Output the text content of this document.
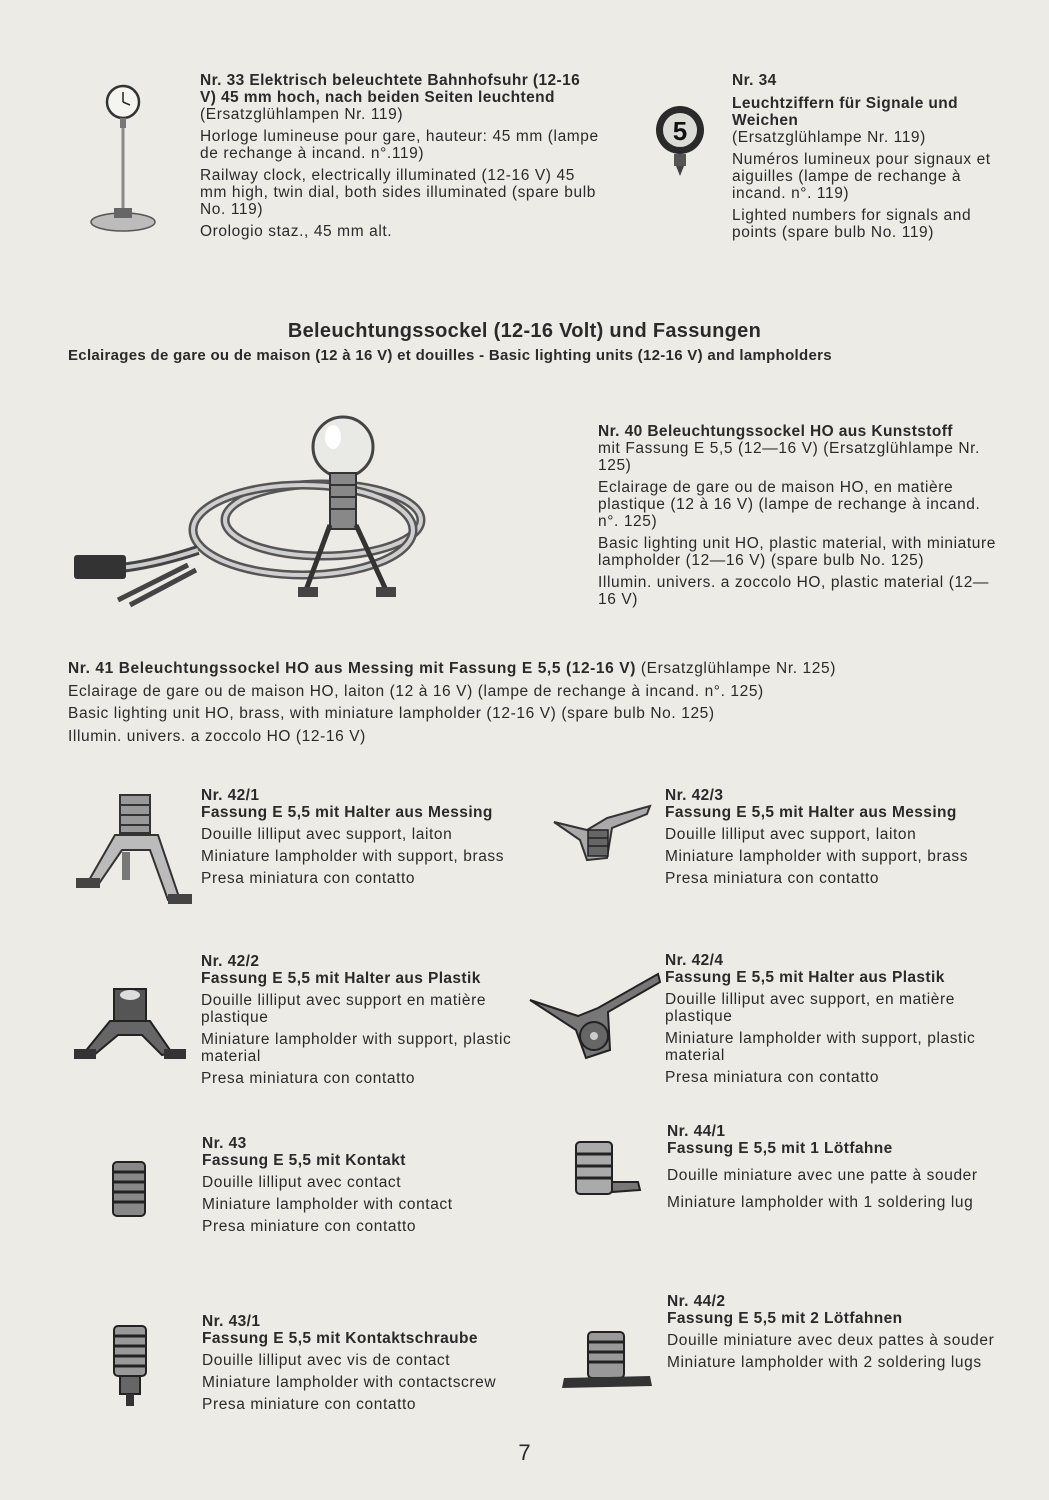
Nr. 33 Elektrisch beleuchtete Bahnhofsuhr (12-16 V) 45 mm hoch, nach beiden Seiten leuchtend
(Ersatzglühlampen Nr. 119)
Horloge lumineuse pour gare, hauteur: 45 mm (lampe de rechange à incand. n°.119)
Railway clock, electrically illuminated (12-16 V) 45 mm high, twin dial, both sides illuminated (spare bulb No. 119)
Orologio staz., 45 mm alt.
5
Nr. 34
Leuchtziffern für Signale und Weichen
(Ersatzglühlampe Nr. 119)
Numéros lumineux pour signaux et aiguilles (lampe de rechange à incand. n°. 119)
Lighted numbers for signals and points (spare bulb No. 119)
Beleuchtungssockel (12-16 Volt) und Fassungen
Eclairages de gare ou de maison (12 à 16 V) et douilles - Basic lighting units (12-16 V) and lampholders
Nr. 40 Beleuchtungssockel HO aus Kunststoff
mit Fassung E 5,5 (12—16 V) (Ersatzglühlampe Nr. 125)
Eclairage de gare ou de maison HO, en matière plastique (12 à 16 V) (lampe de rechange à incand. n°. 125)
Basic lighting unit HO, plastic material, with miniature lampholder (12—16 V) (spare bulb No. 125)
Illumin. univers. a zoccolo HO, plastic material (12—16 V)
Nr. 41 Beleuchtungssockel HO aus Messing mit Fassung E 5,5 (12-16 V) (Ersatzglühlampe Nr. 125)
Eclairage de gare ou de maison HO, laiton (12 à 16 V) (lampe de rechange à incand. n°. 125)
Basic lighting unit HO, brass, with miniature lampholder (12-16 V) (spare bulb No. 125)
Illumin. univers. a zoccolo HO (12-16 V)
Nr. 42/1
Fassung E 5,5 mit Halter aus Messing
Douille lilliput avec support, laiton
Miniature lampholder with support, brass
Presa miniatura con contatto
Nr. 42/3
Fassung E 5,5 mit Halter aus Messing
Douille lilliput avec support, laiton
Miniature lampholder with support, brass
Presa miniatura con contatto
Nr. 42/2
Fassung E 5,5 mit Halter aus Plastik
Douille lilliput avec support en matière plastique
Miniature lampholder with support, plastic material
Presa miniatura con contatto
Nr. 42/4
Fassung E 5,5 mit Halter aus Plastik
Douille lilliput avec support, en matière plastique
Miniature lampholder with support, plastic material
Presa miniatura con contatto
Nr. 43
Fassung E 5,5 mit Kontakt
Douille lilliput avec contact
Miniature lampholder with contact
Presa miniature con contatto
Nr. 44/1
Fassung E 5,5 mit 1 Lötfahne
Douille miniature avec une patte à souder
Miniature lampholder with 1 soldering lug
Nr. 43/1
Fassung E 5,5 mit Kontaktschraube
Douille lilliput avec vis de contact
Miniature lampholder with contactscrew
Presa miniature con contatto
Nr. 44/2
Fassung E 5,5 mit 2 Lötfahnen
Douille miniature avec deux pattes à souder
Miniature lampholder with 2 soldering lugs
7
